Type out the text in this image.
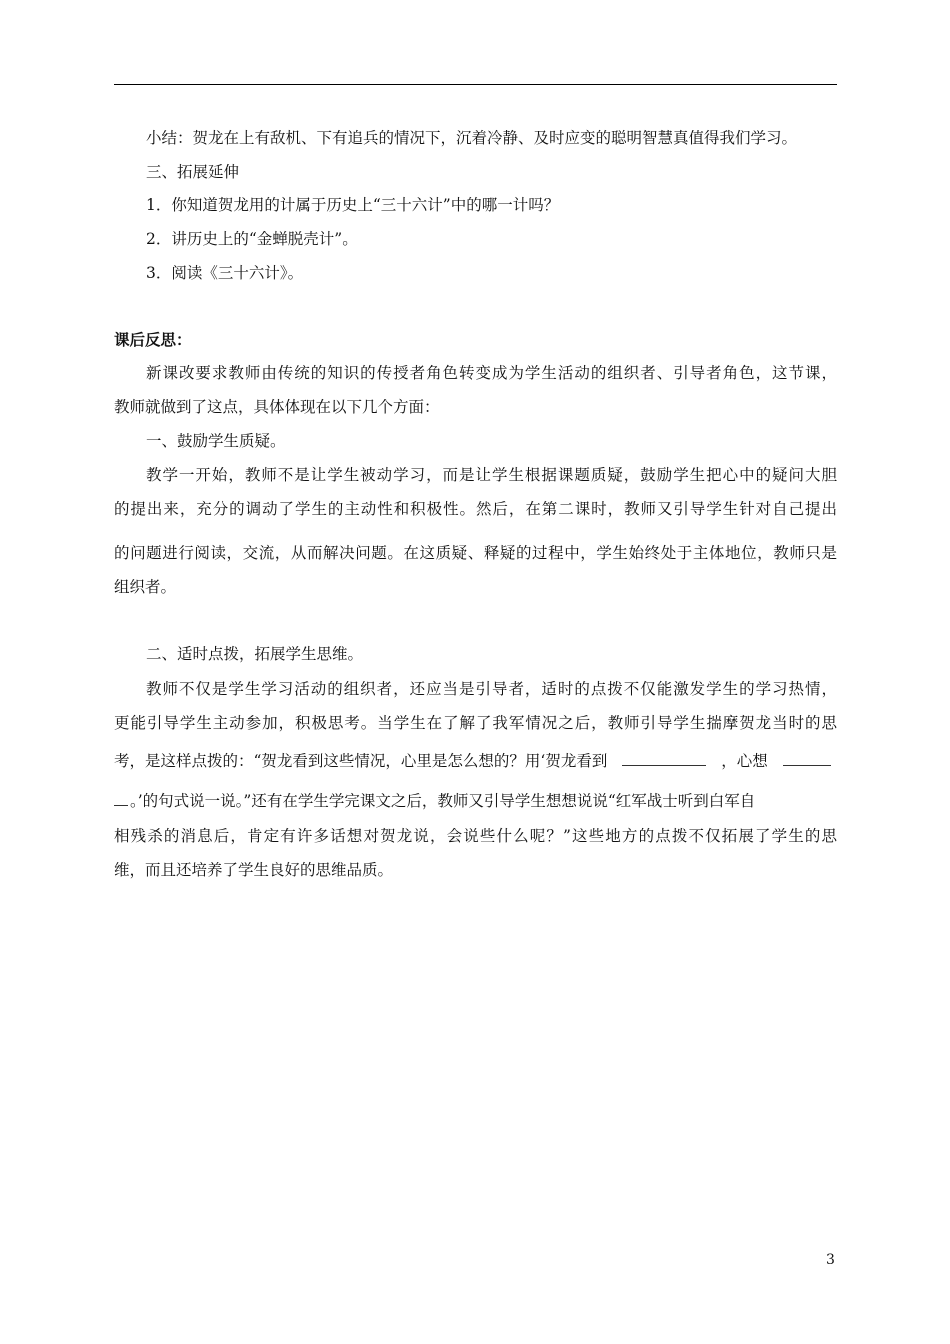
小结：贺龙在上有敌机、下有追兵的情况下，沉着冷静、及时应变的聪明智慧真值得我们学习。
三、拓展延伸
1．你知道贺龙用的计属于历史上“三十六计”中的哪一计吗？
2．讲历史上的“金蝉脱壳计”。
3．阅读《三十六计》。
课后反思：
新课改要求教师由传统的知识的传授者角色转变成为学生活动的组织者、引导者角色，这节课，
教师就做到了这点，具体体现在以下几个方面：
一、鼓励学生质疑。
教学一开始，教师不是让学生被动学习，而是让学生根据课题质疑，鼓励学生把心中的疑问大胆
的提出来，充分的调动了学生的主动性和积极性。然后，在第二课时，教师又引导学生针对自己提出
的问题进行阅读，交流，从而解决问题。在这质疑、释疑的过程中，学生始终处于主体地位，教师只是
组织者。
二、适时点拨，拓展学生思维。
教师不仅是学生学习活动的组织者，还应当是引导者，适时的点拨不仅能激发学生的学习热情，
更能引导学生主动参加，积极思考。当学生在了解了我军情况之后，教师引导学生揣摩贺龙当时的思
考，是这样点拨的：“贺龙看到这些情况，心里是怎么想的？用‘贺龙看到	，心想
。’的句式说一说。”还有在学生学完课文之后，教师又引导学生想想说说“红军战士听到白军自
相残杀的消息后，肯定有许多话想对贺龙说，会说些什么呢？”这些地方的点拨不仅拓展了学生的思
维，而且还培养了学生良好的思维品质。
3
